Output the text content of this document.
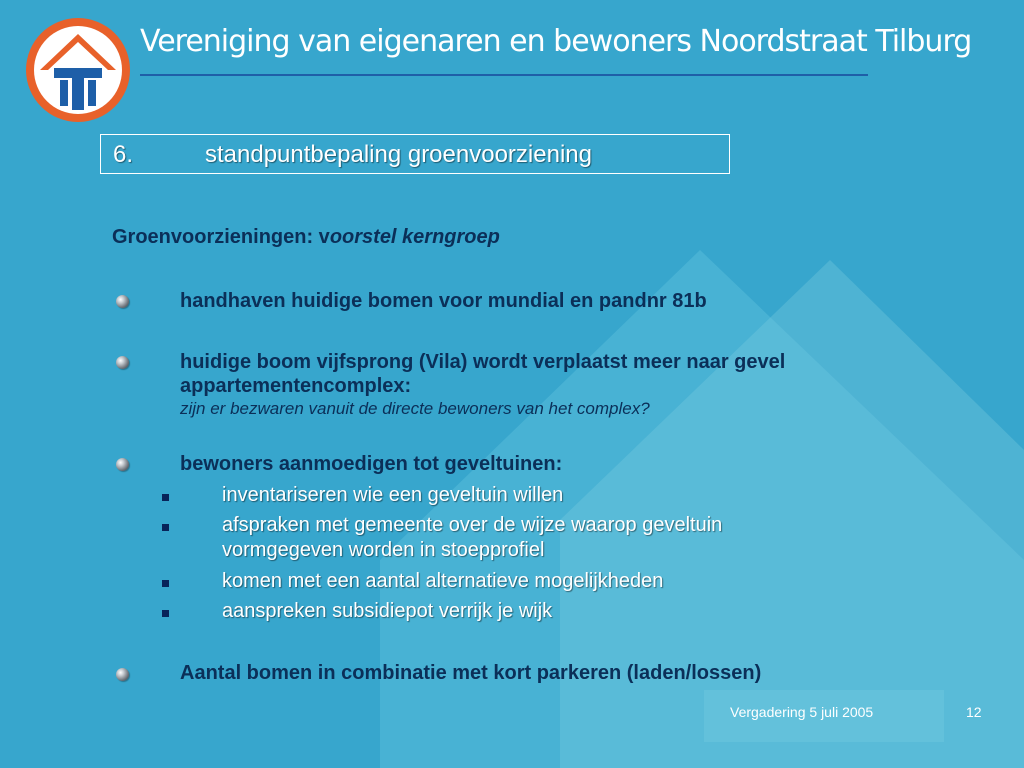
Vereniging van eigenaren en bewoners Noordstraat Tilburg
6.	standpuntbepaling groenvoorziening
Groenvoorzieningen: voorstel kerngroep
handhaven huidige bomen voor mundial en pandnr 81b
huidige boom vijfsprong (Vila) wordt verplaatst meer naar gevel
appartementencomplex:
zijn er bezwaren vanuit de directe bewoners van het complex?
bewoners aanmoedigen tot geveltuinen:
inventariseren wie een geveltuin willen
afspraken met gemeente over de wijze waarop geveltuin
vormgegeven worden in stoepprofiel
komen met een aantal alternatieve mogelijkheden
aanspreken subsidiepot verrijk je wijk
Aantal bomen in combinatie met kort parkeren (laden/lossen)
Vergadering 5 juli 2005	12
